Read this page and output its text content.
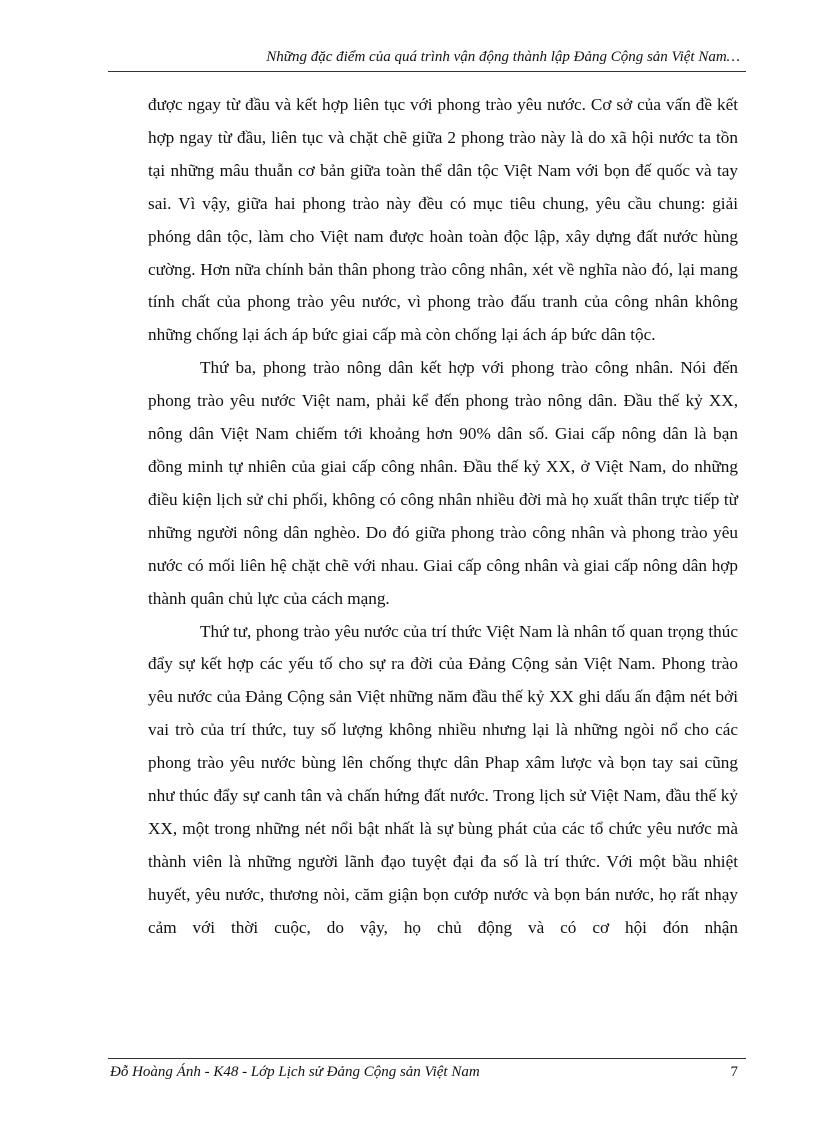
Những đặc điểm của quá trình vận động thành lập Đảng Cộng sản Việt Nam…

được ngay từ đầu và kết hợp liên tục với phong trào yêu nước. Cơ sở của vấn đề kết hợp ngay từ đầu, liên tục và chặt chẽ giữa 2 phong trào này là do xã hội nước ta tồn tại những mâu thuẫn cơ bản giữa toàn thể dân tộc Việt Nam với bọn đế quốc và tay sai. Vì vậy, giữa hai phong trào này đều có mục tiêu chung, yêu cầu chung: giải phóng dân tộc, làm cho Việt nam được hoàn toàn độc lập, xây dựng đất nước hùng cường. Hơn nữa chính bản thân phong trào công nhân, xét về nghĩa nào đó, lại mang tính chất của phong trào yêu nước, vì phong trào đấu tranh của công nhân không những chống lại ách áp bức giai cấp mà còn chống lại ách áp bức dân tộc.

Thứ ba, phong trào nông dân kết hợp với phong trào công nhân. Nói đến phong trào yêu nước Việt nam, phải kể đến phong trào nông dân. Đầu thế kỷ XX, nông dân Việt Nam chiếm tới khoảng hơn 90% dân số. Giai cấp nông dân là bạn đồng minh tự nhiên của giai cấp công nhân. Đầu thế kỷ XX, ở Việt Nam, do những điều kiện lịch sử chi phối, không có công nhân nhiều đời mà họ xuất thân trực tiếp từ những người nông dân nghèo. Do đó giữa phong trào công nhân và phong trào yêu nước có mối liên hệ chặt chẽ với nhau. Giai cấp công nhân và giai cấp nông dân hợp thành quân chủ lực của cách mạng.

Thứ tư, phong trào yêu nước của trí thức Việt Nam là nhân tố quan trọng thúc đẩy sự kết hợp các yếu tố cho sự ra đời của Đảng Cộng sản Việt Nam. Phong trào yêu nước của Đảng Cộng sản Việt những năm đầu thế kỷ XX ghi dấu ấn đậm nét bởi vai trò của trí thức, tuy số lượng không nhiều nhưng lại là những ngòi nổ cho các phong trào yêu nước bùng lên chống thực dân Phap xâm lược và bọn tay sai cũng như thúc đẩy sự canh tân và chấn hứng đất nước. Trong lịch sử Việt Nam, đầu thế kỷ XX, một trong những nét nổi bật nhất là sự bùng phát của các tổ chức yêu nước mà thành viên là những người lãnh đạo tuyệt đại đa số là trí thức. Với một bầu nhiệt huyết, yêu nước, thương nòi, căm giận bọn cướp nước và bọn bán nước, họ rất nhạy cảm với thời cuộc, do vậy, họ chủ động và có cơ hội đón nhận

Đỗ Hoàng Ánh - K48 - Lớp Lịch sử Đảng Cộng sản Việt Nam	7
